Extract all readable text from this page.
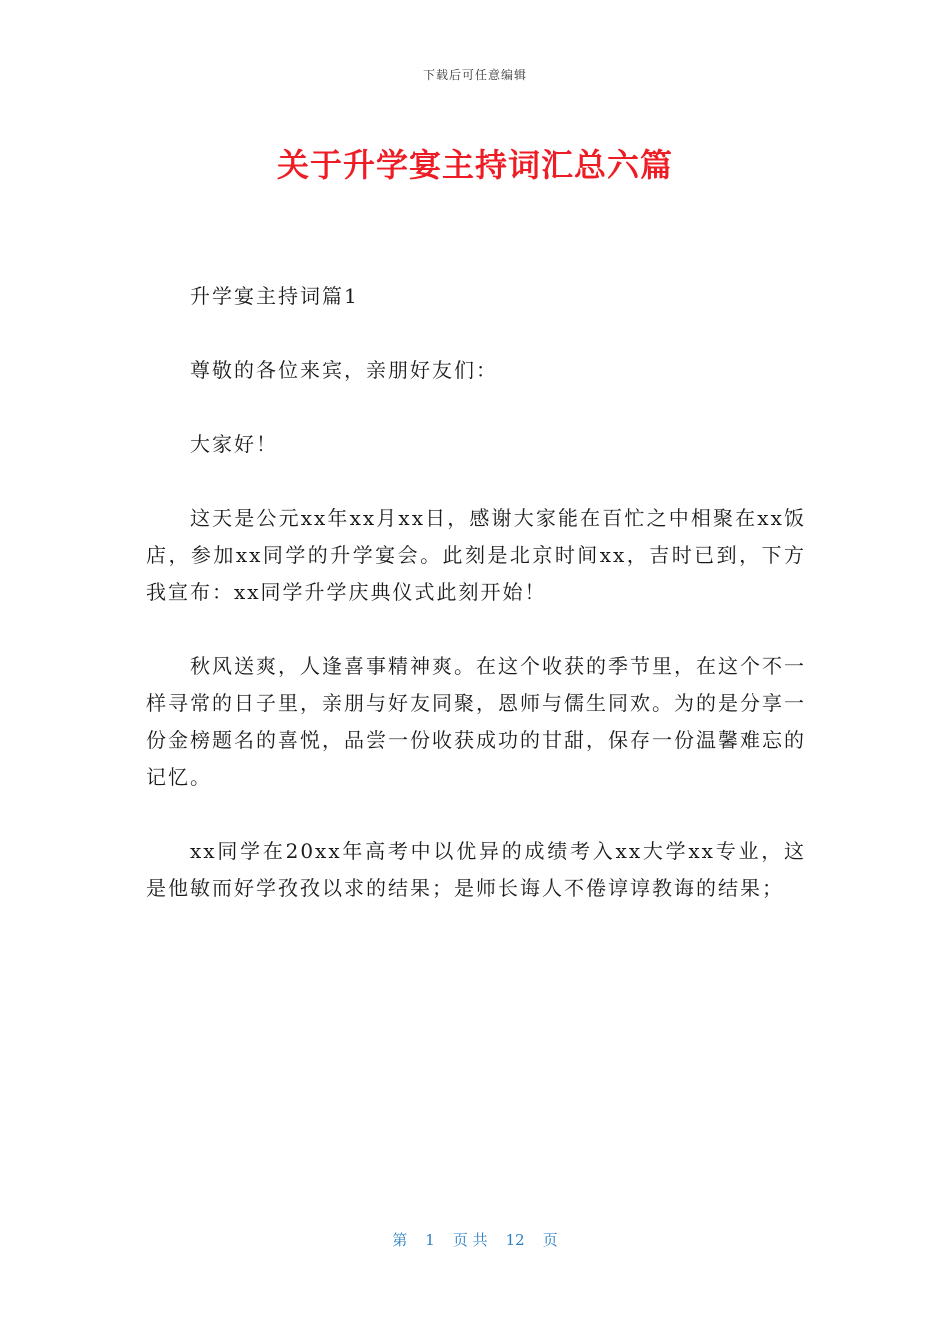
下载后可任意编辑
关于升学宴主持词汇总六篇

升学宴主持词篇1

尊敬的各位来宾，亲朋好友们：

大家好！

这天是公元xx年xx月xx日，感谢大家能在百忙之中相聚在xx饭店，参加xx同学的升学宴会。此刻是北京时间xx，吉时已到，下方我宣布：xx同学升学庆典仪式此刻开始！

秋风送爽，人逢喜事精神爽。在这个收获的季节里，在这个不一样寻常的日子里，亲朋与好友同聚，恩师与儒生同欢。为的是分享一份金榜题名的喜悦，品尝一份收获成功的甘甜，保存一份温馨难忘的记忆。

xx同学在20xx年高考中以优异的成绩考入xx大学xx专业，这是他敏而好学孜孜以求的结果；是师长诲人不倦谆谆教诲的结果；

第 1 页 共 12 页
